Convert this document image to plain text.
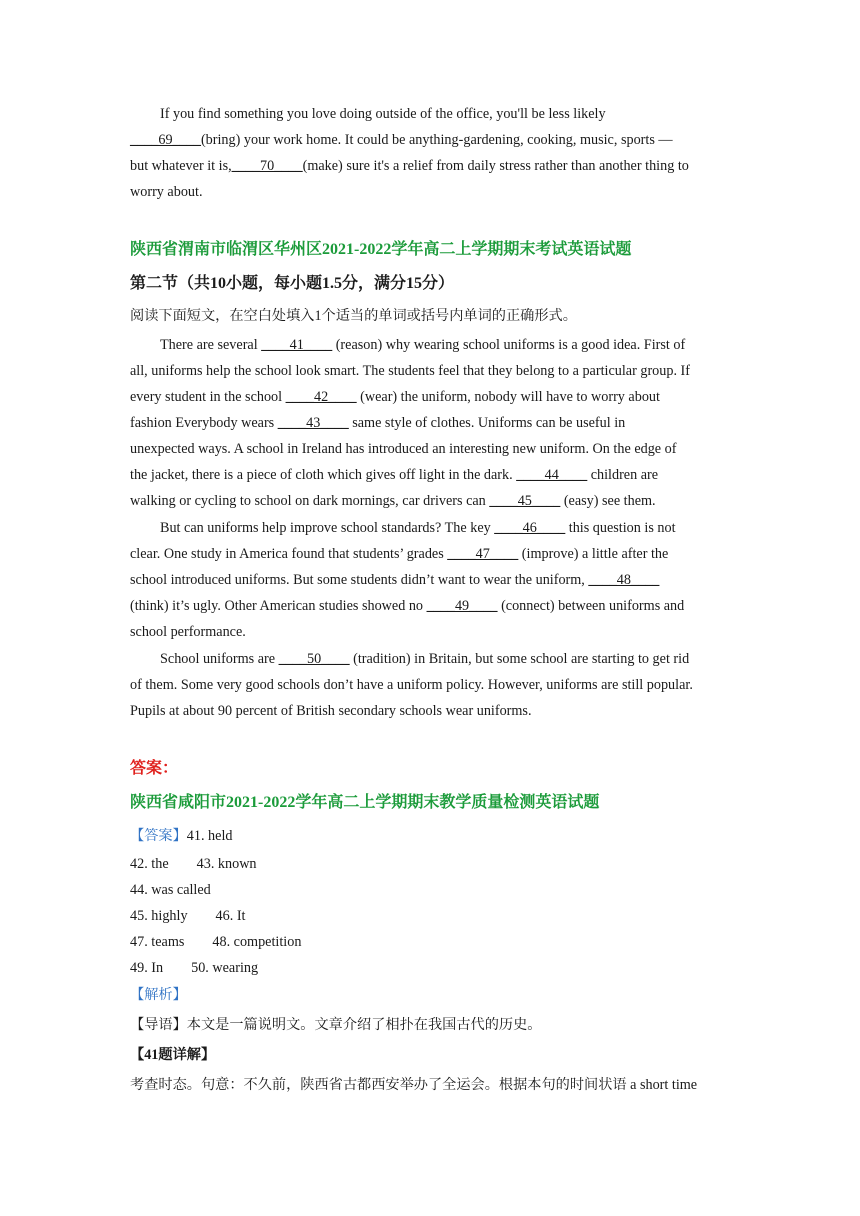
If you find something you love doing outside of the office, you'll be less likely
____69____(bring) your work home. It could be anything-gardening, cooking, music, sports —
but whatever it is,____70____(make) sure it's a relief from daily stress rather than another thing to
worry about.
陕西省渭南市临渭区华州区2021-2022学年高二上学期期末考试英语试题
第二节（共10小题，每小题1.5分，满分15分）
阅读下面短文，在空白处填入1个适当的单词或括号内单词的正确形式。
There are several ____41____ (reason) why wearing school uniforms is a good idea. First of
all, uniforms help the school look smart. The students feel that they belong to a particular group. If
every student in the school ____42____ (wear) the uniform, nobody will have to worry about
fashion Everybody wears ____43____ same style of clothes. Uniforms can be useful in
unexpected ways. A school in Ireland has introduced an interesting new uniform. On the edge of
the jacket, there is a piece of cloth which gives off light in the dark. ____44____ children are
walking or cycling to school on dark mornings, car drivers can ____45____ (easy) see them.
But can uniforms help improve school standards? The key ____46____ this question is not
clear. One study in America found that students’ grades ____47____ (improve) a little after the
school introduced uniforms. But some students didn’t want to wear the uniform, ____48____
(think) it’s ugly. Other American studies showed no ____49____ (connect) between uniforms and
school performance.
School uniforms are ____50____ (tradition) in Britain, but some school are starting to get rid
of them. Some very good schools don’t have a uniform policy. However, uniforms are still popular.
Pupils at about 90 percent of British secondary schools wear uniforms.
答案：
陕西省咸阳市2021-2022学年高二上学期期末教学质量检测英语试题
【答案】41. held
42. the 43. known
44. was called
45. highly 46. It
47. teams 48. competition
49. In 50. wearing
【解析】
【导语】本文是一篇说明文。文章介绍了相扑在我国古代的历史。
【41题详解】
考查时态。句意：不久前，陕西省古都西安举办了全运会。根据本句的时间状语 a short time
